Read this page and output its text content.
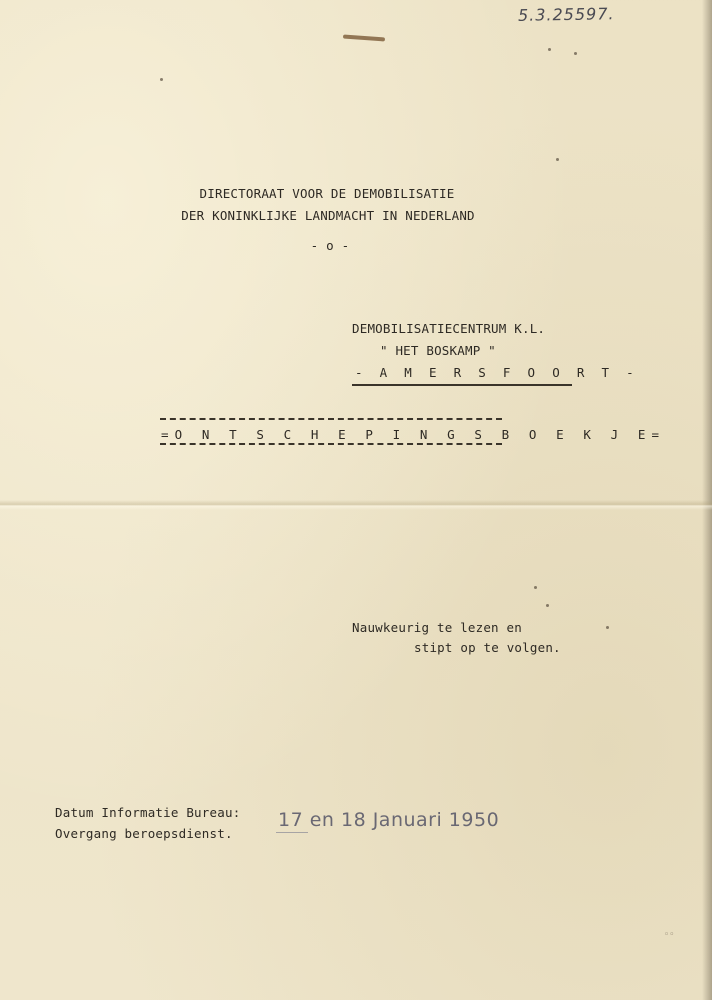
5.3.25597.
DIRECTORAAT VOOR DE DEMOBILISATIE
DER KONINKLIJKE LANDMACHT IN NEDERLAND
- o -
DEMOBILISATIECENTRUM K.L.
" HET BOSKAMP "
- A M E R S F O O R T -
=O N T S C H E P I N G S B O E K J E=
Nauwkeurig te lezen en
stipt op te volgen.
Datum Informatie Bureau:
Overgang beroepsdienst.
17 en 18 Januari 1950
◦◦
